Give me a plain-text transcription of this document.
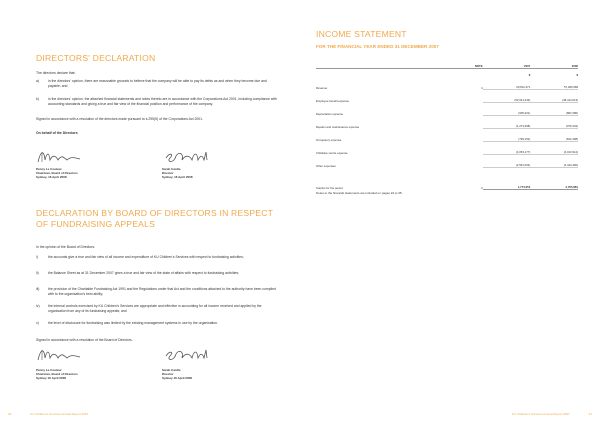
DIRECTORS' DECLARATION
The directors declare that:
a)	in the directors' opinion, there are reasonable grounds to believe that the company will be able to pay its debts as and when they become due and payable; and
b)	in the directors' opinion, the attached financial statements and notes thereto are in accordance with the Corporations Act 2001, including compliance with accounting standards and giving a true and fair view of the financial position and performance of the company.
Signed in accordance with a resolution of the directors made pursuant to s.295(5) of the Corporations Act 2001.
On behalf of the Directors
Penny Le Couteur
Chairman, Board of Directors
Sydney, 16 April 2008
Sarah Cardle
Director
Sydney, 16 April 2008
DECLARATION BY BOARD OF DIRECTORS IN RESPECT OF FUNDRAISING APPEALS
In the opinion of the Board of Directors:
i)	the accounts give a true and fair view of all income and expenditure of KU Children's Services with respect to fundraising activities;
ii)	the Balance Sheet as at 31 December 2007 gives a true and fair view of the state of affairs with respect to fundraising activities;
iii)	the provision of the Charitable Fundraising Act 1991 and the Regulations under that Act and the conditions attached to the authority have been complied with to the organisation's best ability;
iv) the internal controls exercised by KU Children's Services are appropriate and effective in accounting for all income received and applied by the organisation from any of its fundraising appeals; and
v)	the level of disclosure for fundraising was limited by the existing management systems in use by the organisation.
Signed in accordance with a resolution of the Board of Directors.
Penny Le Couteur
Chairman, Board of Directors
Sydney 16 April 2008
Sarah Cardle
Director
Sydney 16 April 2008
20	KU Children's Services Annual Report 2007
INCOME STATEMENT
FOR THE FINANCIAL YEAR ENDED 31 DECEMBER 2007
	NOTE	2007	2006
		$	$
Revenue	4	60,812,271	57,480,968
Employee benefit expense		(52,041,433)	(48,414,613)
Depreciation expense		(905,201)	(862,386)
Repairs and maintenance expense		(1,273,398)	(979,334)
Occupancy expense		(799,152)	(812,398)
Childcare centre expense		(4,053,177)	(4,013,914)
Other expenses		(2,591,004)	(2,444,482)
Surplus for the period	4	1,774,054	2,765,881
Notes to the financial statements are included on pages 24 to 35.
KU Children's Services Annual Report 2007	21
